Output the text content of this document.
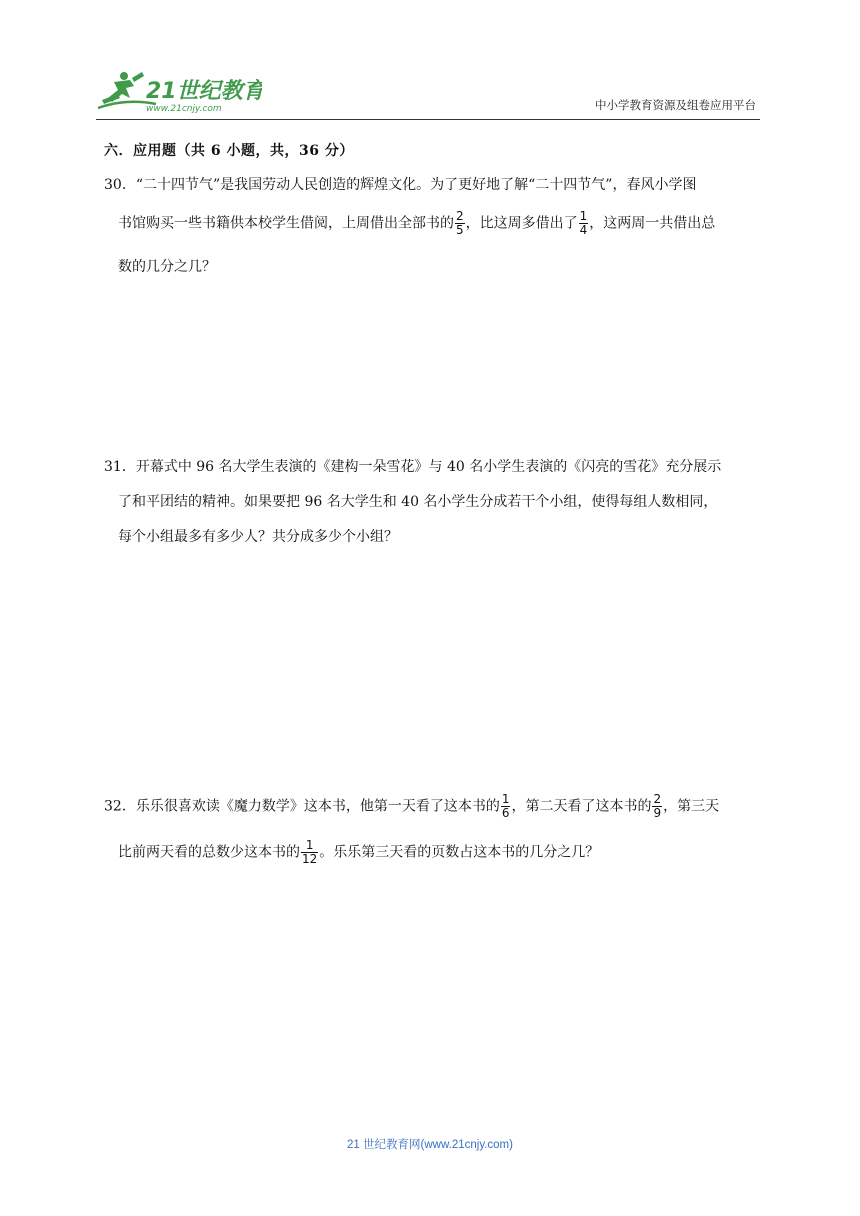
21世纪教育
www.21cnjy.com	中小学教育资源及组卷应用平台
六．应用题（共 6 小题，共，36 分）
30．“二十四节气”是我国劳动人民创造的辉煌文化。为了更好地了解“二十四节气”，春风小学图
书馆购买一些书籍供本校学生借阅，上周借出全部书的 $\frac{2}{5}$ ，比这周多借出了 $\frac{1}{4}$ ，这两周一共借出总
数的几分之几？
31．开幕式中 96 名大学生表演的《建构一朵雪花》与 40 名小学生表演的《闪亮的雪花》充分展示
了和平团结的精神。如果要把 96 名大学生和 40 名小学生分成若干个小组，使得每组人数相同，
每个小组最多有多少人？共分成多少个小组？
32．乐乐很喜欢读《魔力数学》这本书，他第一天看了这本书的 $\frac{1}{6}$ ，第二天看了这本书的 $\frac{2}{9}$ ，第三天
比前两天看的总数少这本书的 $\frac{1}{12}$ 。乐乐第三天看的页数占这本书的几分之几？
21 世纪教育网(www.21cnjy.com)
